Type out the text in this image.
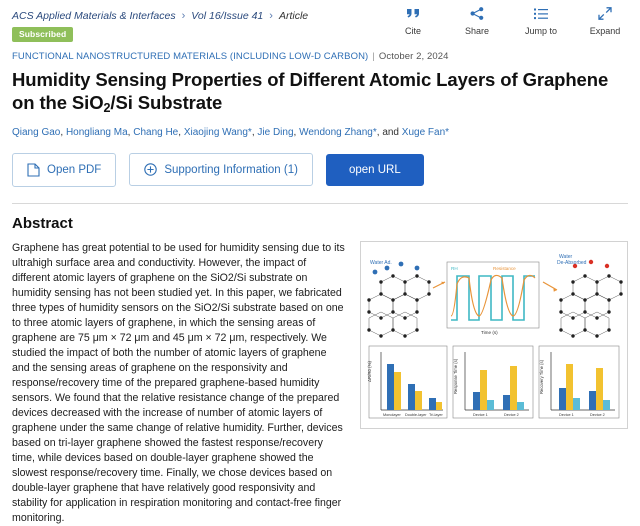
ACS Applied Materials & Interfaces › Vol 16/Issue 41 › Article
Subscribed	Cite	Share	Jump to	Expand
FUNCTIONAL NANOSTRUCTURED MATERIALS (INCLUDING LOW-D CARBON) | October 2, 2024
Humidity Sensing Properties of Different Atomic Layers of Graphene on the SiO$_2$/Si Substrate
Qiang Gao, Hongliang Ma, Chang He, Xiaojing Wang*, Jie Ding, Wendong Zhang*, and Xuge Fan*
Open PDF	Supporting Information (1)	open URL
Abstract
Graphene has great potential to be used for humidity sensing due to its ultrahigh surface area and conductivity. However, the impact of different atomic layers of graphene on the SiO2/Si substrate on humidity sensing has not been studied yet. In this paper, we fabricated three types of humidity sensors on the SiO2/Si substrate based on one to three atomic layers of graphene, in which the sensing areas of graphene are 75 μm × 72 μm and 45 μm × 72 μm, respectively. We studied the impact of both the number of atomic layers of graphene and the sensing areas of graphene on the responsivity and response/recovery time of the prepared graphene-based humidity sensors. We found that the relative resistance change of the prepared devices decreased with the increase of number of atomic layers of graphene under the same change of relative humidity. Further, devices based on tri-layer graphene showed the fastest response/recovery time, while devices based on double-layer graphene showed the slowest response/recovery time. Finally, we chose devices based on double-layer graphene that have relatively good responsivity and stability for application in respiration monitoring and contact-free finger monitoring.
Water Ad.
RH	Resistance
Time (s)
Water
De-Absorbed
ΔR/R0 (%)
Monolayer Double-layer Tri-layer
Response Time (s)
Device 1	Device 2
Recovery Time (s)
Device 1	Device 2
